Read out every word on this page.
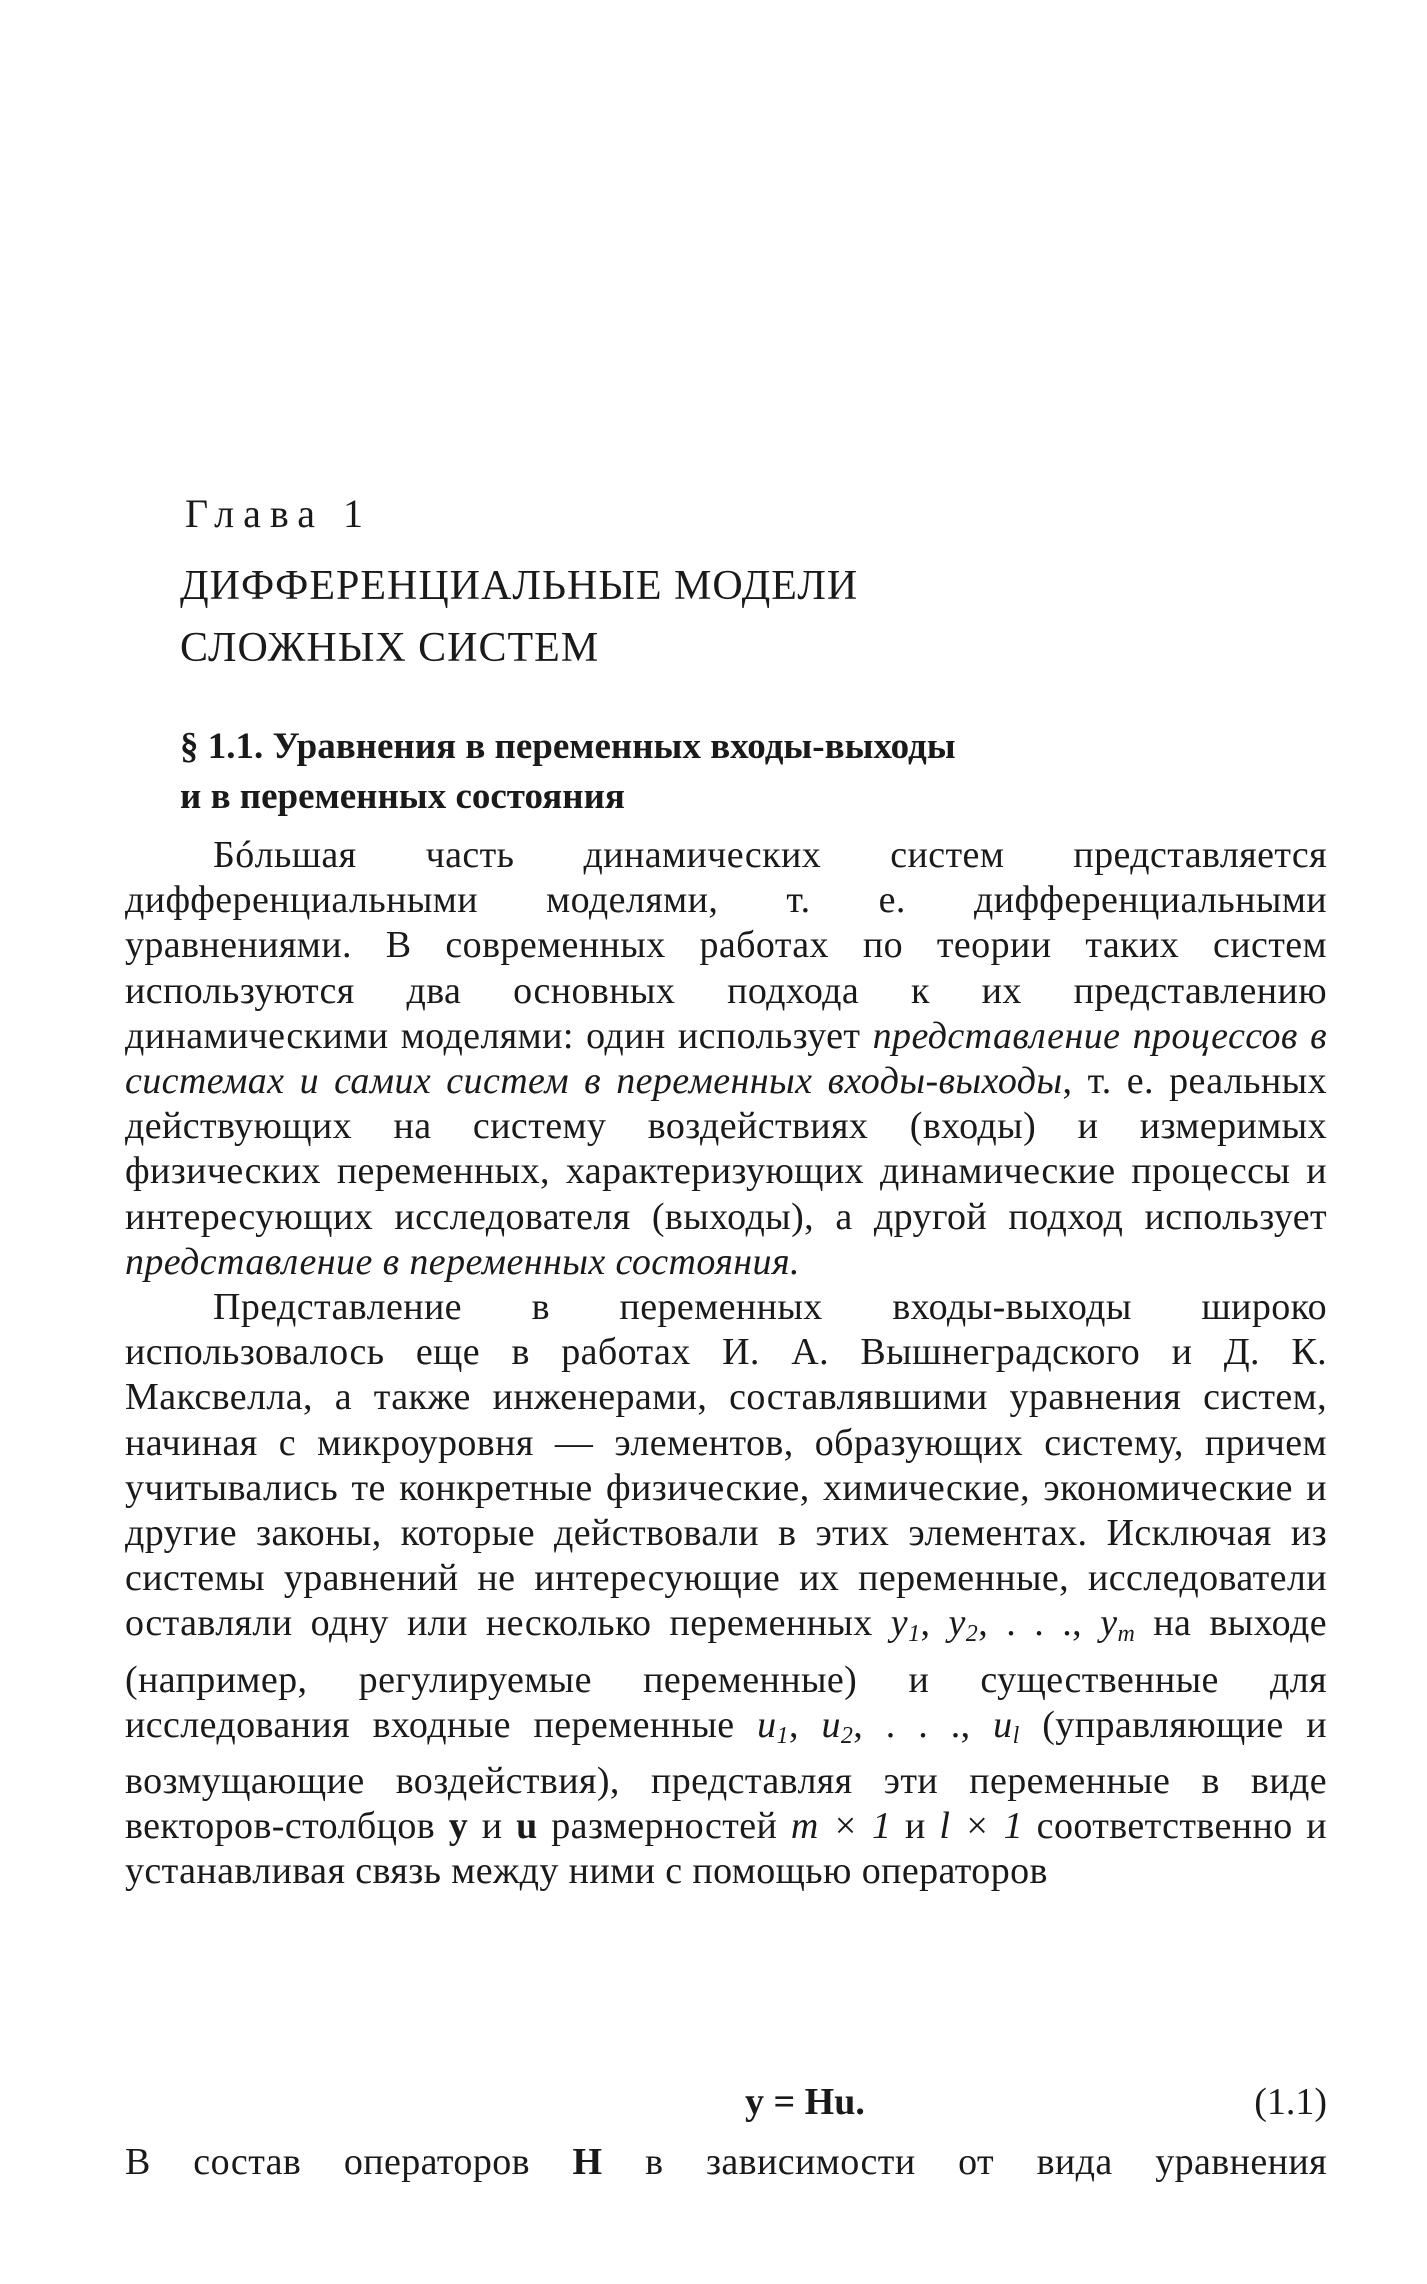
Глава 1
ДИФФЕРЕНЦИАЛЬНЫЕ МОДЕЛИ
СЛОЖНЫХ СИСТЕМ
§ 1.1. Уравнения в переменных входы-выходы
и в переменных состояния

Бóльшая часть динамических систем представляется дифференциальными моделями, т. е. дифференциальными уравнениями. В современных работах по теории таких систем используются два основных подхода к их представлению динамическими моделями: один использует представление процессов в системах и самих систем в переменных входы-выходы, т. е. реальных действующих на систему воздействиях (входы) и измеримых физических переменных, характеризующих динамические процессы и интересующих исследователя (выходы), а другой подход использует представление в переменных состояния.

Представление в переменных входы-выходы широко использовалось еще в работах И. А. Вышнеградского и Д. К. Максвелла, а также инженерами, составлявшими уравнения систем, начиная с микроуровня — элементов, образующих систему, причем учитывались те конкретные физические, химические, экономические и другие законы, которые действовали в этих элементах. Исключая из системы уравнений не интересующие их переменные, исследователи оставляли одну или несколько переменных $y_1$, $y_2$, . . ., $y_m$ на выходе (например, регулируемые переменные) и существенные для исследования входные переменные $u_1$, $u_2$, . . ., $u_l$ (управляющие и возмущающие воздействия), представляя эти переменные в виде векторов-столбцов y и u размерностей m × 1 и l × 1 соответственно и устанавливая связь между ними с помощью операторов

y = Hu.	(1.1)
В состав операторов H в зависимости от вида уравнения
